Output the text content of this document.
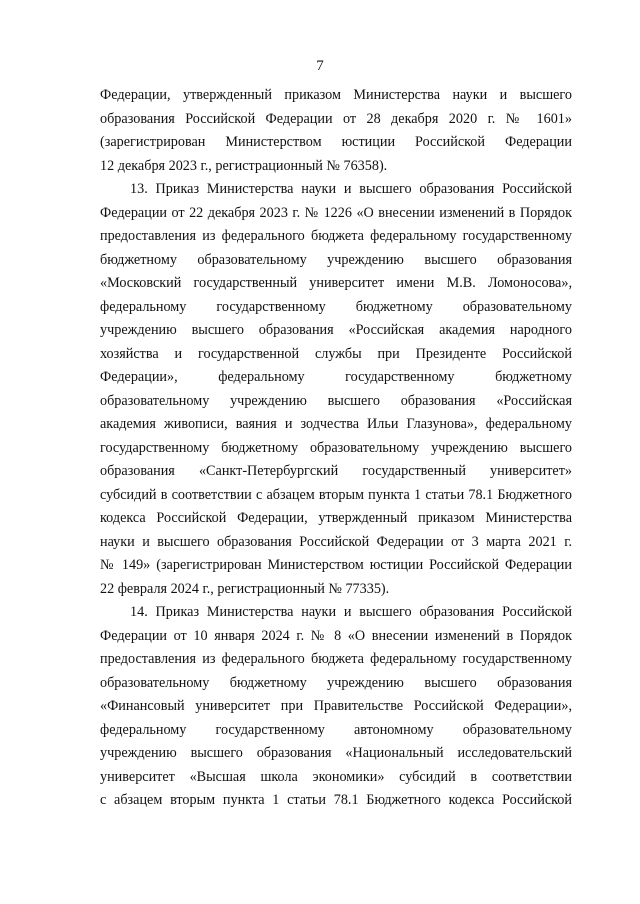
7
Федерации, утвержденный приказом Министерства науки и высшего
образования Российской Федерации от 28 декабря 2020 г. № 1601»
(зарегистрирован Министерством юстиции Российской Федерации
12 декабря 2023 г., регистрационный № 76358).
13. Приказ Министерства науки и высшего образования Российской
Федерации от 22 декабря 2023 г. № 1226 «О внесении изменений в Порядок
предоставления из федерального бюджета федеральному государственному
бюджетному образовательному учреждению высшего образования
«Московский государственный университет имени М.В. Ломоносова»,
федеральному государственному бюджетному образовательному
учреждению высшего образования «Российская академия народного
хозяйства и государственной службы при Президенте Российской
Федерации», федеральному государственному бюджетному
образовательному учреждению высшего образования «Российская
академия живописи, ваяния и зодчества Ильи Глазунова», федеральному
государственному бюджетному образовательному учреждению высшего
образования «Санкт-Петербургский государственный университет»
субсидий в соответствии с абзацем вторым пункта 1 статьи 78.1 Бюджетного
кодекса Российской Федерации, утвержденный приказом Министерства
науки и высшего образования Российской Федерации от 3 марта 2021 г.
№ 149» (зарегистрирован Министерством юстиции Российской Федерации
22 февраля 2024 г., регистрационный № 77335).
14. Приказ Министерства науки и высшего образования Российской
Федерации от 10 января 2024 г. № 8 «О внесении изменений в Порядок
предоставления из федерального бюджета федеральному государственному
образовательному бюджетному учреждению высшего образования
«Финансовый университет при Правительстве Российской Федерации»,
федеральному государственному автономному образовательному
учреждению высшего образования «Национальный исследовательский
университет «Высшая школа экономики» субсидий в соответствии
с абзацем вторым пункта 1 статьи 78.1 Бюджетного кодекса Российской
